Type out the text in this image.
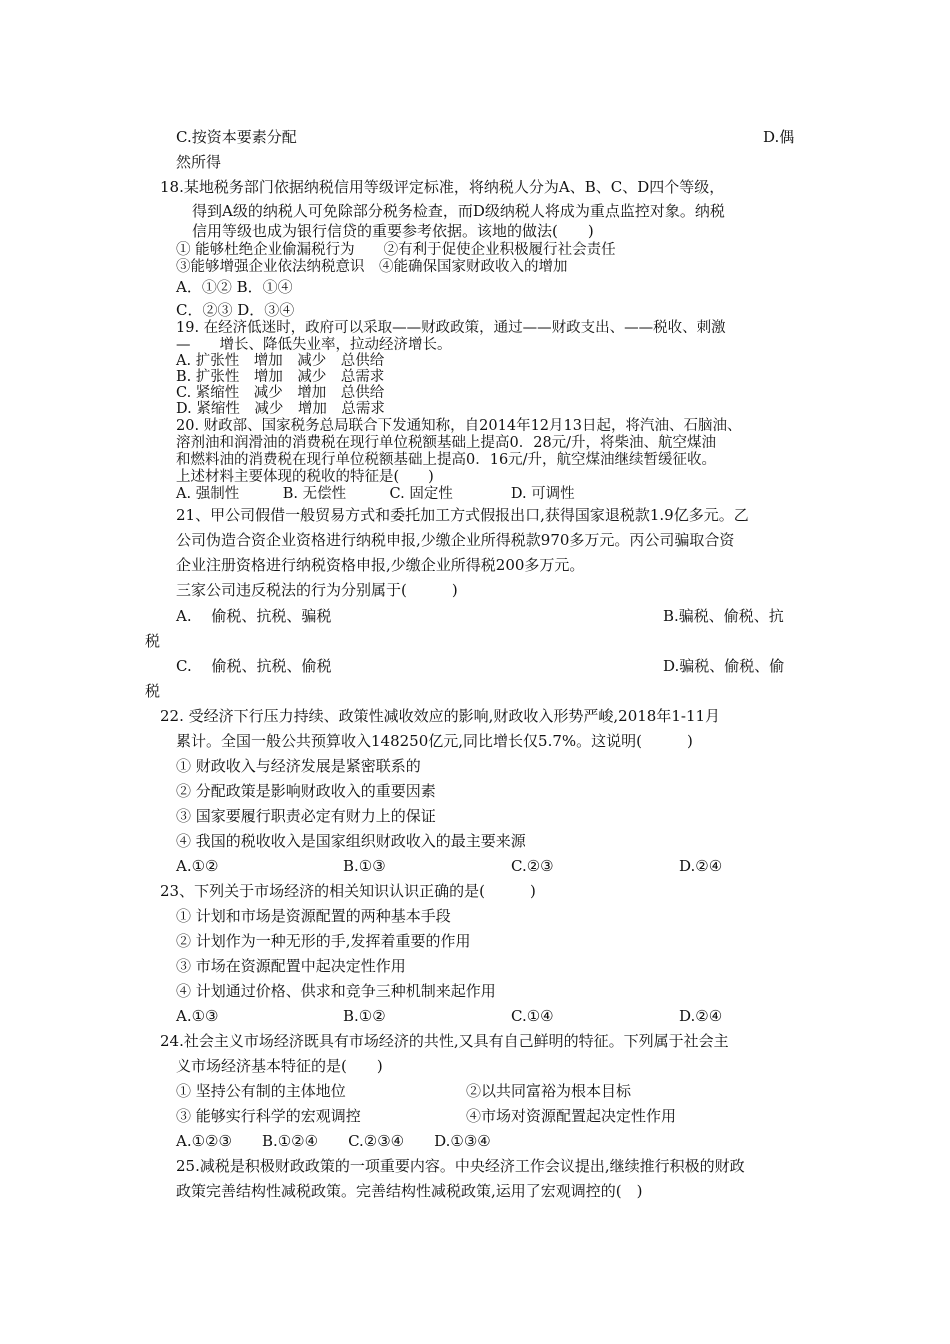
C.按资本要素分配	D.偶
然所得
18.某地税务部门依据纳税信用等级评定标准，将纳税人分为A、B、C、D四个等级，
得到A级的纳税人可免除部分税务检查，而D级纳税人将成为重点监控对象。纳税
信用等级也成为银行信贷的重要参考依据。该地的做法(　　)
① 能够杜绝企业偷漏税行为　　②有利于促使企业积极履行社会责任
③能够增强企业依法纳税意识　④能确保国家财政收入的增加
A．①② B．①④
C．②③ D．③④
19. 在经济低迷时，政府可以采取——财政政策，通过——财政支出、——税收、刺激
—　　增长、降低失业率，拉动经济增长。
A. 扩张性　增加　减少　总供给
B. 扩张性　增加　减少　总需求
C. 紧缩性　减少　增加　总供给
D. 紧缩性　减少　增加　总需求
20. 财政部、国家税务总局联合下发通知称，自2014年12月13日起，将汽油、石脑油、
溶剂油和润滑油的消费税在现行单位税额基础上提高0．28元/升，将柴油、航空煤油
和燃料油的消费税在现行单位税额基础上提高0．16元/升，航空煤油继续暂缓征收。
上述材料主要体现的税收的特征是(　　)
A. 强制性　　　B. 无偿性　　　C. 固定性　　　　D. 可调性
21、甲公司假借一般贸易方式和委托加工方式假报出口,获得国家退税款1.9亿多元。乙
公司伪造合资企业资格进行纳税申报,少缴企业所得税款970多万元。丙公司骗取合资
企业注册资格进行纳税资格申报,少缴企业所得税200多万元。
三家公司违反税法的行为分别属于(　　　)
A.　 偷税、抗税、骗税	B.骗税、偷税、抗
税
C.　 偷税、抗税、偷税	D.骗税、偷税、偷
税
22. 受经济下行压力持续、政策性减收效应的影响,财政收入形势严峻,2018年1-11月
累计。全国一般公共预算收入148250亿元,同比增长仅5.7%。这说明(　　　)
① 财政收入与经济发展是紧密联系的
② 分配政策是影响财政收入的重要因素
③ 国家要履行职责必定有财力上的保证
④ 我国的税收收入是国家组织财政收入的最主要来源
A.①②	B.①③	C.②③	D.②④
23、下列关于市场经济的相关知识认识正确的是(　　　)
① 计划和市场是资源配置的两种基本手段
② 计划作为一种无形的手,发挥着重要的作用
③ 市场在资源配置中起决定性作用
④ 计划通过价格、供求和竞争三种机制来起作用
A.①③	B.①②	C.①④	D.②④
24.社会主义市场经济既具有市场经济的共性,又具有自己鲜明的特征。下列属于社会主
义市场经济基本特征的是(　　)
① 坚持公有制的主体地位	②以共同富裕为根本目标
③ 能够实行科学的宏观调控	④市场对资源配置起决定性作用
A.①②③　　B.①②④　　C.②③④　　D.①③④
25.减税是积极财政政策的一项重要内容。中央经济工作会议提出,继续推行积极的财政
政策完善结构性减税政策。完善结构性减税政策,运用了宏观调控的(　)
